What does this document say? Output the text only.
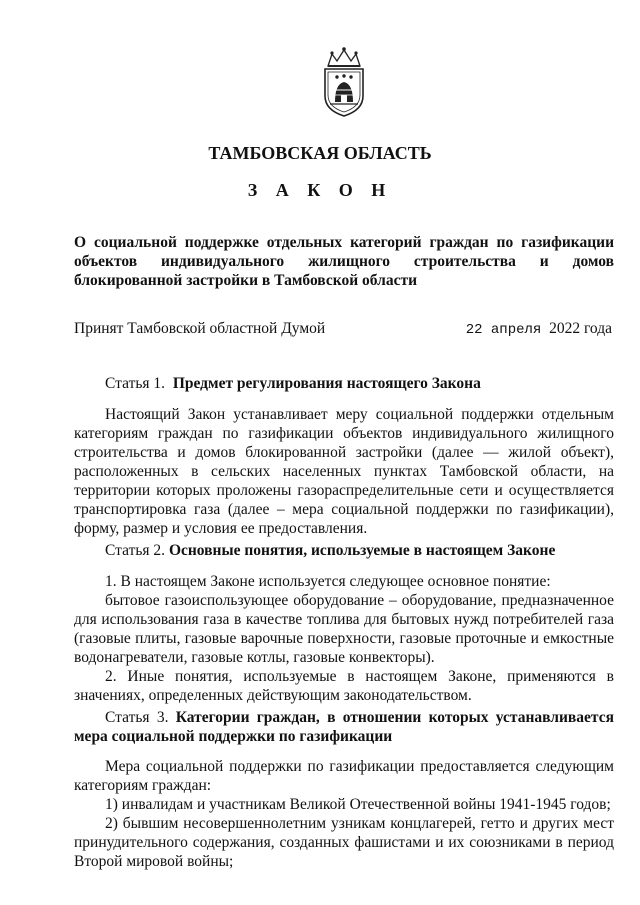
ТАМБОВСКАЯ ОБЛАСТЬ
З А К О Н
О социальной поддержке отдельных категорий граждан по газификации объектов индивидуального жилищного строительства и домов блокированной застройки в Тамбовской области
Принят Тамбовской областной Думой	22 апреля 2022 года
Статья 1. Предмет регулирования настоящего Закона

Настоящий Закон устанавливает меру социальной поддержки отдельным категориям граждан по газификации объектов индивидуального жилищного строительства и домов блокированной застройки (далее — жилой объект), расположенных в сельских населенных пунктах Тамбовской области, на территории которых проложены газораспределительные сети и осуществляется транспортировка газа (далее – мера социальной поддержки по газификации), форму, размер и условия ее предоставления.

Статья 2. Основные понятия, используемые в настоящем Законе

1. В настоящем Законе используется следующее основное понятие:

бытовое газоиспользующее оборудование – оборудование, предназначенное для использования газа в качестве топлива для бытовых нужд потребителей газа (газовые плиты, газовые варочные поверхности, газовые проточные и емкостные водонагреватели, газовые котлы, газовые конвекторы).

2. Иные понятия, используемые в настоящем Законе, применяются в значениях, определенных действующим законодательством.

Статья 3. Категории граждан, в отношении которых устанавливается мера социальной поддержки по газификации

Мера социальной поддержки по газификации предоставляется следующим категориям граждан:

1) инвалидам и участникам Великой Отечественной войны 1941-1945 годов;

2) бывшим несовершеннолетним узникам концлагерей, гетто и других мест принудительного содержания, созданных фашистами и их союзниками в период Второй мировой войны;
